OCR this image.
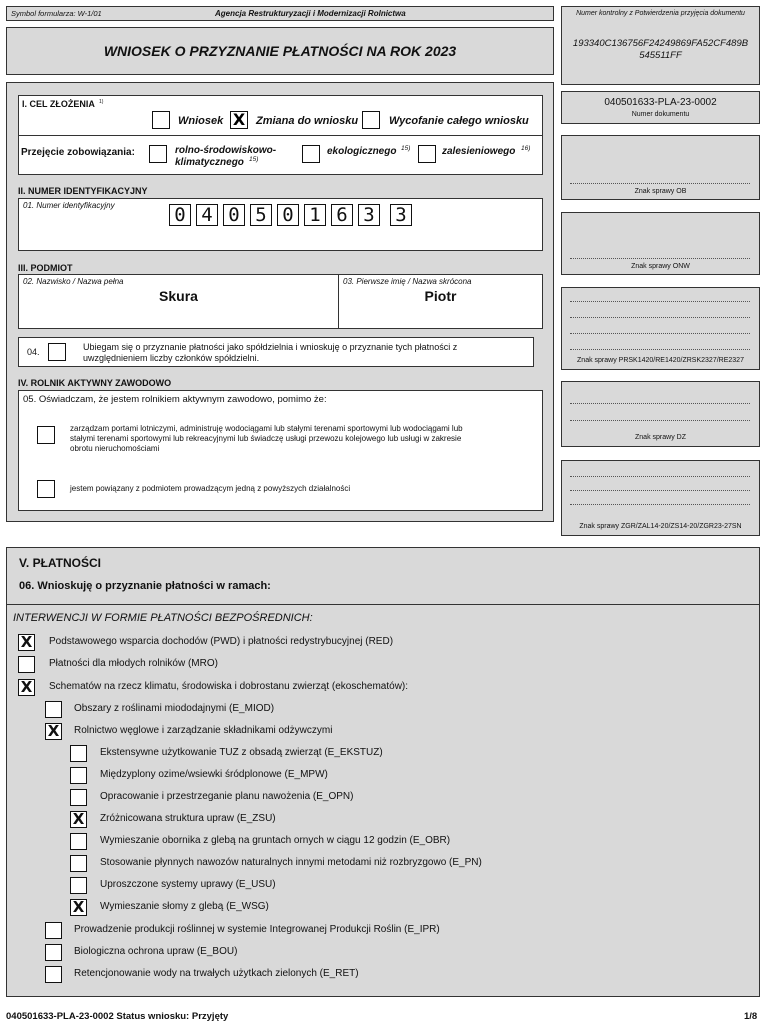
Symbol formularza: W-1/01	Agencja Restrukturyzacji i Modernizacji Rolnictwa
WNIOSEK O PRZYZNANIE PŁATNOŚCI NA ROK 2023
Numer kontrolny z Potwierdzenia przyjęcia dokumentu
193340C136756F24249869FA52CF489B
545511FF
040501633-PLA-23-0002
Numer dokumentu
Znak sprawy OB
Znak sprawy ONW
Znak sprawy PRSK1420/RE1420/ZRSK2327/RE2327
Znak sprawy DZ
Znak sprawy ZGR/ZAL14-20/ZS14-20/ZGR23-27SN
I. CEL ZŁOŻENIA 1)
Wniosek X Zmiana do wniosku	Wycofanie całego wniosku
Przejęcie zobowiązania:	rolno-środowiskowo-
klimatycznego 15)
ekologicznego 15)	zalesieniowego 16)
II. NUMER IDENTYFIKACYJNY
01. Numer identyfikacyjny	0 4 0 5 0 1 6 3 3
III. PODMIOT
02. Nazwisko / Nazwa pełna
Skura
03. Pierwsze imię / Nazwa skrócona
Piotr
04.	Ubiegam się o przyznanie płatności jako spółdzielnia i wnioskuję o przyznanie tych płatności z
uwzględnieniem liczby członków spółdzielni.
IV. ROLNIK AKTYWNY ZAWODOWO
05. Oświadczam, że jestem rolnikiem aktywnym zawodowo, pomimo że:
zarządzam portami lotniczymi, administruję wodociągami lub stałymi terenami sportowymi lub wodociągami lub
stałymi terenami sportowymi lub rekreacyjnymi lub świadczę usługi przewozu kolejowego lub usługi w zakresie
obrotu nieruchomościami
jestem powiązany z podmiotem prowadzącym jedną z powyższych działalności
V. PŁATNOŚCI
06. Wnioskuję o przyznanie płatności w ramach:
INTERWENCJI W FORMIE PŁATNOŚCI BEZPOŚREDNICH:
X Podstawowego wsparcia dochodów (PWD) i płatności redystrybucyjnej (RED)
Płatności dla młodych rolników (MRO)
X Schematów na rzecz klimatu, środowiska i dobrostanu zwierząt (ekoschematów):
Obszary z roślinami miododajnymi (E_MIOD)
X Rolnictwo węglowe i zarządzanie składnikami odżywczymi
Ekstensywne użytkowanie TUZ z obsadą zwierząt (E_EKSTUZ)
Międzyplony ozime/wsiewki śródplonowe (E_MPW)
Opracowanie i przestrzeganie planu nawożenia (E_OPN)
X Zróżnicowana struktura upraw (E_ZSU)
Wymieszanie obornika z glebą na gruntach ornych w ciągu 12 godzin (E_OBR)
Stosowanie płynnych nawozów naturalnych innymi metodami niż rozbryzgowo (E_PN)
Uproszczone systemy uprawy (E_USU)
X Wymieszanie słomy z glebą (E_WSG)
Prowadzenie produkcji roślinnej w systemie Integrowanej Produkcji Roślin (E_IPR)
Biologiczna ochrona upraw (E_BOU)
Retencjonowanie wody na trwałych użytkach zielonych (E_RET)
040501633-PLA-23-0002 Status wniosku: Przyjęty	1/8
